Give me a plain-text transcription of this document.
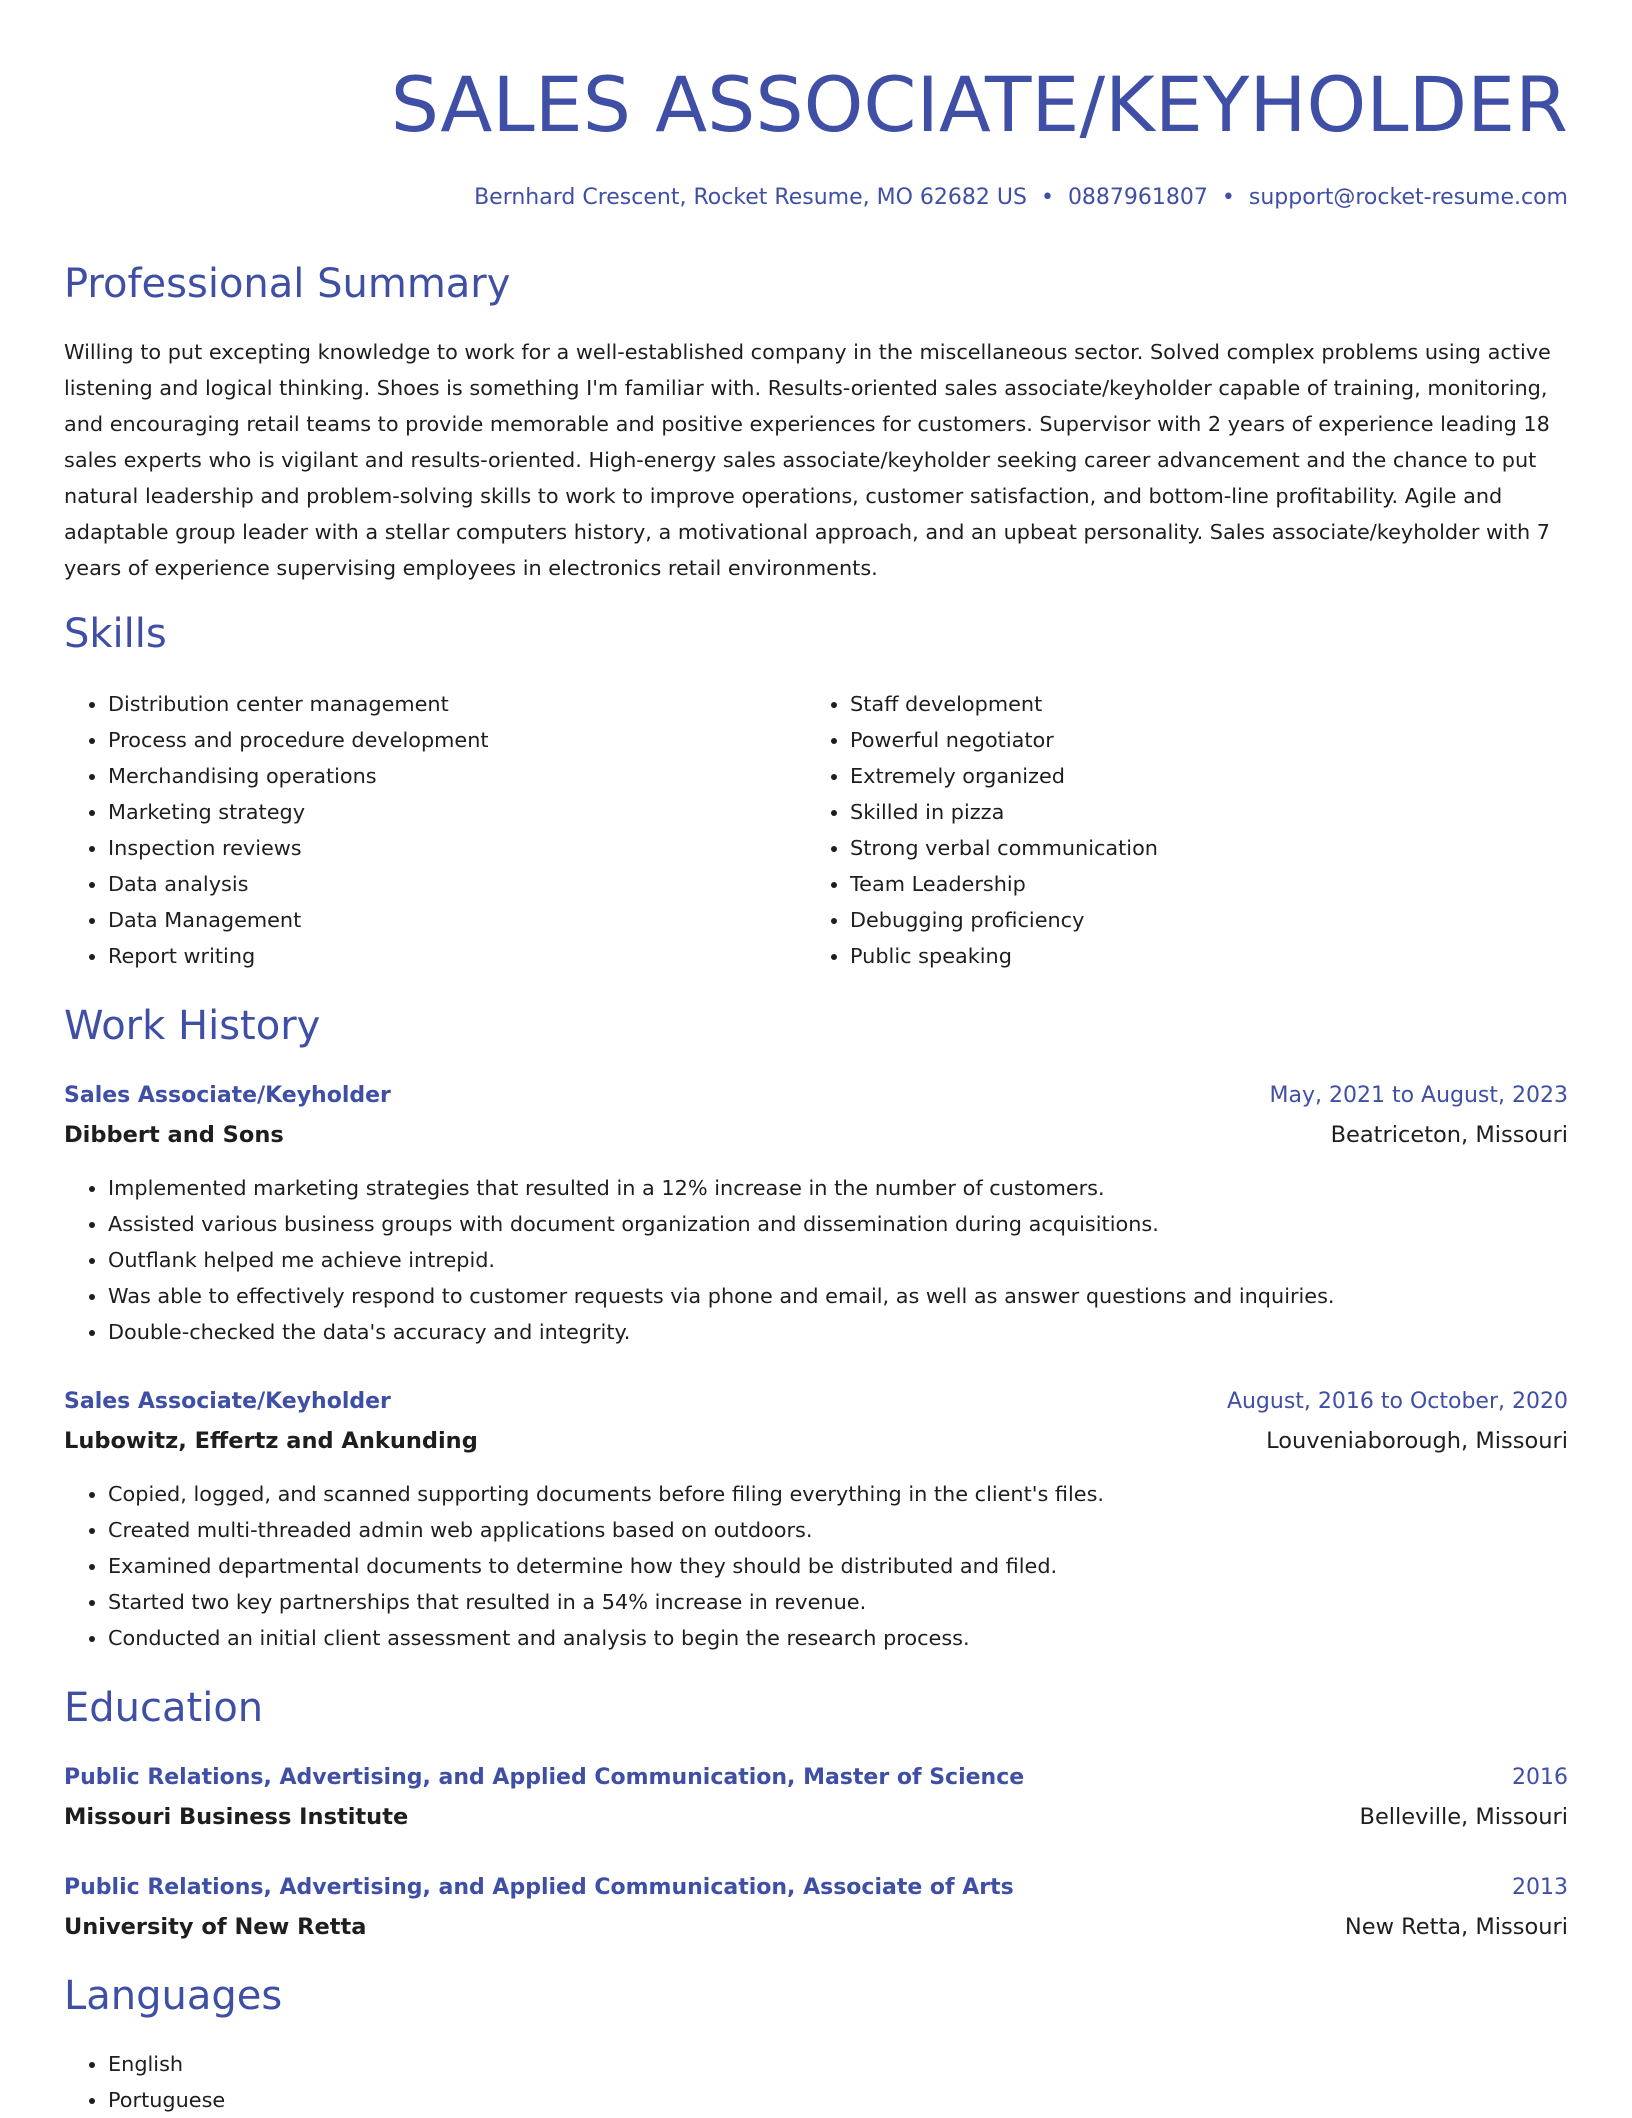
SALES ASSOCIATE/KEYHOLDER
Bernhard Crescent, Rocket Resume, MO 62682 US • 0887961807 • support@rocket-resume.com
Professional Summary

Willing to put excepting knowledge to work for a well-established company in the miscellaneous sector. Solved complex problems using active listening and logical thinking. Shoes is something I'm familiar with. Results-oriented sales associate/keyholder capable of training, monitoring, and encouraging retail teams to provide memorable and positive experiences for customers. Supervisor with 2 years of experience leading 18 sales experts who is vigilant and results-oriented. High-energy sales associate/keyholder seeking career advancement and the chance to put natural leadership and problem-solving skills to work to improve operations, customer satisfaction, and bottom-line profitability. Agile and adaptable group leader with a stellar computers history, a motivational approach, and an upbeat personality. Sales associate/keyholder with 7 years of experience supervising employees in electronics retail environments.

Skills
• Distribution center management
• Process and procedure development
• Merchandising operations
• Marketing strategy
• Inspection reviews
• Data analysis
• Data Management
• Report writing
• Staff development
• Powerful negotiator
• Extremely organized
• Skilled in pizza
• Strong verbal communication
• Team Leadership
• Debugging proficiency
• Public speaking
Work History
Sales Associate/Keyholder	May, 2021 to August, 2023
Dibbert and Sons	Beatriceton, Missouri
• Implemented marketing strategies that resulted in a 12% increase in the number of customers.
• Assisted various business groups with document organization and dissemination during acquisitions.
• Outflank helped me achieve intrepid.
• Was able to effectively respond to customer requests via phone and email, as well as answer questions and inquiries.
• Double-checked the data's accuracy and integrity.
Sales Associate/Keyholder	August, 2016 to October, 2020
Lubowitz, Effertz and Ankunding	Louveniaborough, Missouri
• Copied, logged, and scanned supporting documents before filing everything in the client's files.
• Created multi-threaded admin web applications based on outdoors.
• Examined departmental documents to determine how they should be distributed and filed.
• Started two key partnerships that resulted in a 54% increase in revenue.
• Conducted an initial client assessment and analysis to begin the research process.
Education
Public Relations, Advertising, and Applied Communication, Master of Science	2016
Missouri Business Institute	Belleville, Missouri
Public Relations, Advertising, and Applied Communication, Associate of Arts	2013
University of New Retta	New Retta, Missouri
Languages
• English
• Portuguese
